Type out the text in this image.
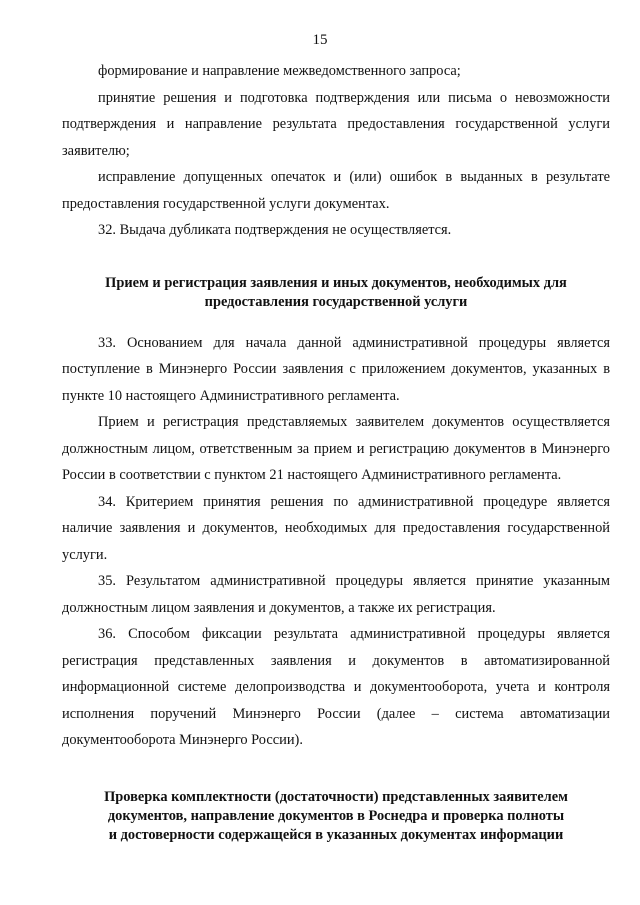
15

формирование и направление межведомственного запроса;

принятие решения и подготовка подтверждения или письма о невозможности подтверждения и направление результата предоставления государственной услуги заявителю;

исправление допущенных опечаток и (или) ошибок в выданных в результате предоставления государственной услуги документах.

32. Выдача дубликата подтверждения не осуществляется.

Прием и регистрация заявления и иных документов, необходимых для
предоставления государственной услуги

33. Основанием для начала данной административной процедуры является поступление в Минэнерго России заявления с приложением документов, указанных в пункте 10 настоящего Административного регламента.

Прием и регистрация представляемых заявителем документов осуществляется должностным лицом, ответственным за прием и регистрацию документов в Минэнерго России в соответствии с пунктом 21 настоящего Административного регламента.

34. Критерием принятия решения по административной процедуре является наличие заявления и документов, необходимых для предоставления государственной услуги.

35. Результатом административной процедуры является принятие указанным должностным лицом заявления и документов, а также их регистрация.

36. Способом фиксации результата административной процедуры является регистрация представленных заявления и документов в автоматизированной информационной системе делопроизводства и документооборота, учета и контроля исполнения поручений Минэнерго России (далее – система автоматизации документооборота Минэнерго России).

Проверка комплектности (достаточности) представленных заявителем
документов, направление документов в Роснедра и проверка полноты
и достоверности содержащейся в указанных документах информации
